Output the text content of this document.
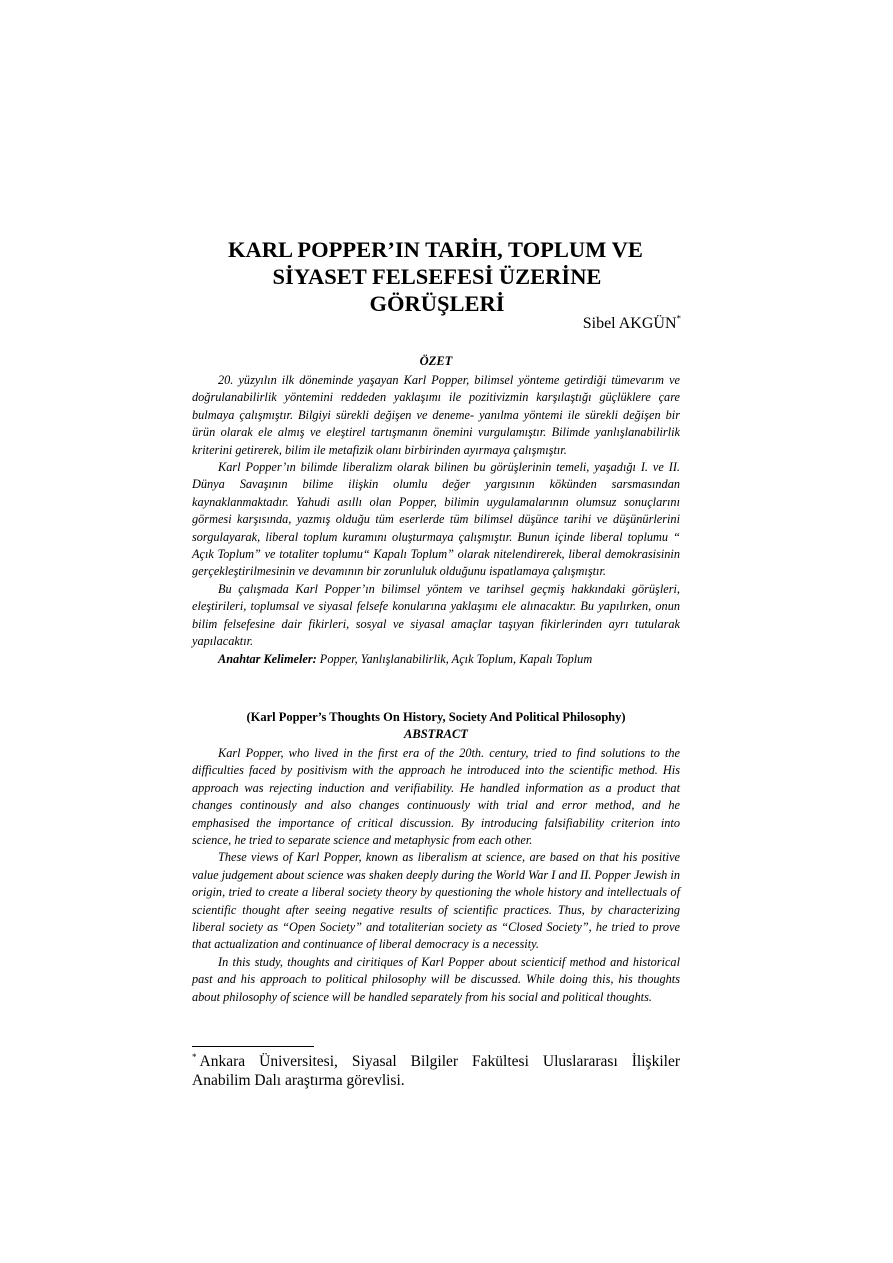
KARL POPPER’IN TARİH, TOPLUM VE
SİYASET FELSEFESİ ÜZERİNE
GÖRÜŞLERİ
Sibel AKGÜN*
ÖZET

20. yüzyılın ilk döneminde yaşayan Karl Popper, bilimsel yönteme getirdiği tümevarım ve doğrulanabilirlik yöntemini reddeden yaklaşımı ile pozitivizmin karşılaştığı güçlüklere çare bulmaya çalışmıştır. Bilgiyi sürekli değişen ve deneme- yanılma yöntemi ile sürekli değişen bir ürün olarak ele almış ve eleştirel tartışmanın önemini vurgulamıştır. Bilimde yanlışlanabilirlik kriterini getirerek, bilim ile metafizik olanı birbirinden ayırmaya çalışmıştır.

Karl Popper’ın bilimde liberalizm olarak bilinen bu görüşlerinin temeli, yaşadığı I. ve II. Dünya Savaşının bilime ilişkin olumlu değer yargısının kökünden sarsmasından kaynaklanmaktadır. Yahudi asıllı olan Popper, bilimin uygulamalarının olumsuz sonuçlarını görmesi karşısında, yazmış olduğu tüm eserlerde tüm bilimsel düşünce tarihi ve düşünürlerini sorgulayarak, liberal toplum kuramını oluşturmaya çalışmıştır. Bunun içinde liberal toplumu “ Açık Toplum” ve totaliter toplumu“ Kapalı Toplum” olarak nitelendirerek, liberal demokrasisinin gerçekleştirilmesinin ve devamının bir zorunluluk olduğunu ispatlamaya çalışmıştır.

Bu çalışmada Karl Popper’ın bilimsel yöntem ve tarihsel geçmiş hakkındaki görüşleri, eleştirileri, toplumsal ve siyasal felsefe konularına yaklaşımı ele alınacaktır. Bu yapılırken, onun bilim felsefesine dair fikirleri, sosyal ve siyasal amaçlar taşıyan fikirlerinden ayrı tutularak yapılacaktır.

Anahtar Kelimeler: Popper, Yanlışlanabilirlik, Açık Toplum, Kapalı Toplum

(Karl Popper’s Thoughts On History, Society And Political Philosophy)
ABSTRACT

Karl Popper, who lived in the first era of the 20th. century, tried to find solutions to the difficulties faced by positivism with the approach he introduced into the scientific method. His approach was rejecting induction and verifiability. He handled information as a product that changes continously and also changes continuously with trial and error method, and he emphasised the importance of critical discussion. By introducing falsifiability criterion into science, he tried to separate science and metaphysic from each other.

These views of Karl Popper, known as liberalism at science, are based on that his positive value judgement about science was shaken deeply during the World War I and II. Popper Jewish in origin, tried to create a liberal society theory by questioning the whole history and intellectuals of scientific thought after seeing negative results of scientific practices. Thus, by characterizing liberal society as “Open Society” and totaliterian society as “Closed Society”, he tried to prove that actualization and continuance of liberal democracy is a necessity.

In this study, thoughts and ciritiques of Karl Popper about scienticif method and historical past and his approach to political philosophy will be discussed. While doing this, his thoughts about philosophy of science will be handled separately from his social and political thoughts.

* Ankara Üniversitesi, Siyasal Bilgiler Fakültesi Uluslararası İlişkiler Anabilim Dalı araştırma görevlisi.
